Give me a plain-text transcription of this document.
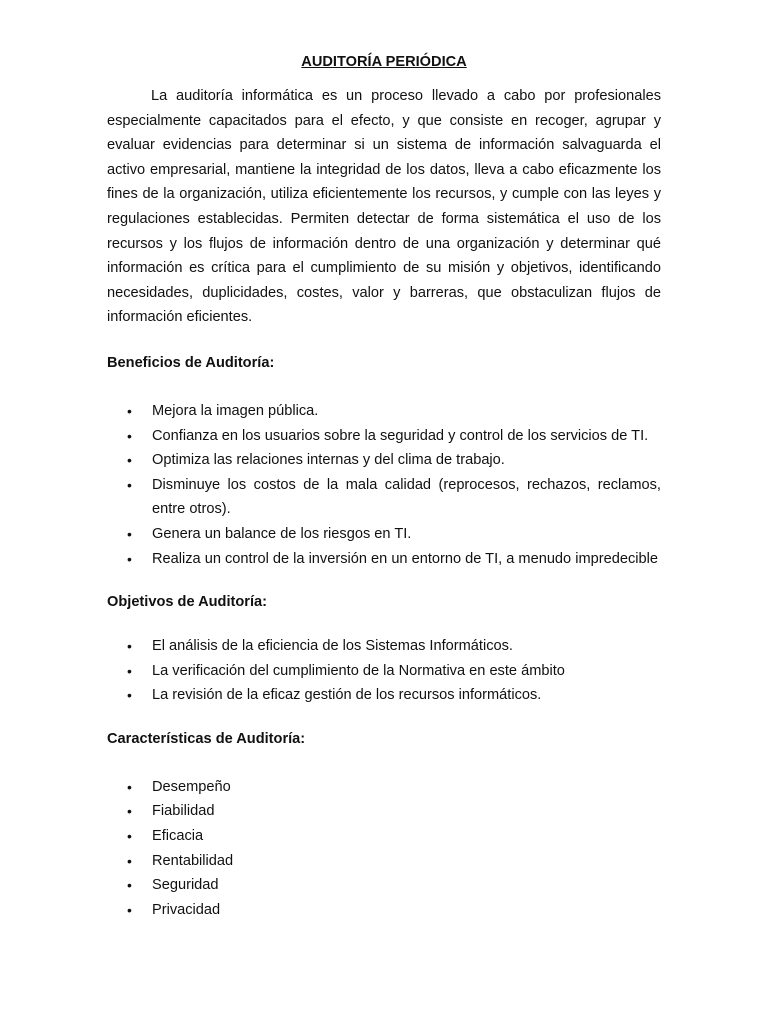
AUDITORÍA PERIÓDICA

La auditoría informática es un proceso llevado a cabo por profesionales especialmente capacitados para el efecto, y que consiste en recoger, agrupar y evaluar evidencias para determinar si un sistema de información salvaguarda el activo empresarial, mantiene la integridad de los datos, lleva a cabo eficazmente los fines de la organización, utiliza eficientemente los recursos, y cumple con las leyes y regulaciones establecidas. Permiten detectar de forma sistemática el uso de los recursos y los flujos de información dentro de una organización y determinar qué información es crítica para el cumplimiento de su misión y objetivos, identificando necesidades, duplicidades, costes, valor y barreras, que obstaculizan flujos de información eficientes.

Beneficios de Auditoría:

• Mejora la imagen pública.
• Confianza en los usuarios sobre la seguridad y control de los servicios de TI.
• Optimiza las relaciones internas y del clima de trabajo.
• Disminuye los costos de la mala calidad (reprocesos, rechazos, reclamos, entre otros).
• Genera un balance de los riesgos en TI.
• Realiza un control de la inversión en un entorno de TI, a menudo impredecible

Objetivos de Auditoría:

• El análisis de la eficiencia de los Sistemas Informáticos.
• La verificación del cumplimiento de la Normativa en este ámbito
• La revisión de la eficaz gestión de los recursos informáticos.

Características de Auditoría:

• Desempeño
• Fiabilidad
• Eficacia
• Rentabilidad
• Seguridad
• Privacidad
